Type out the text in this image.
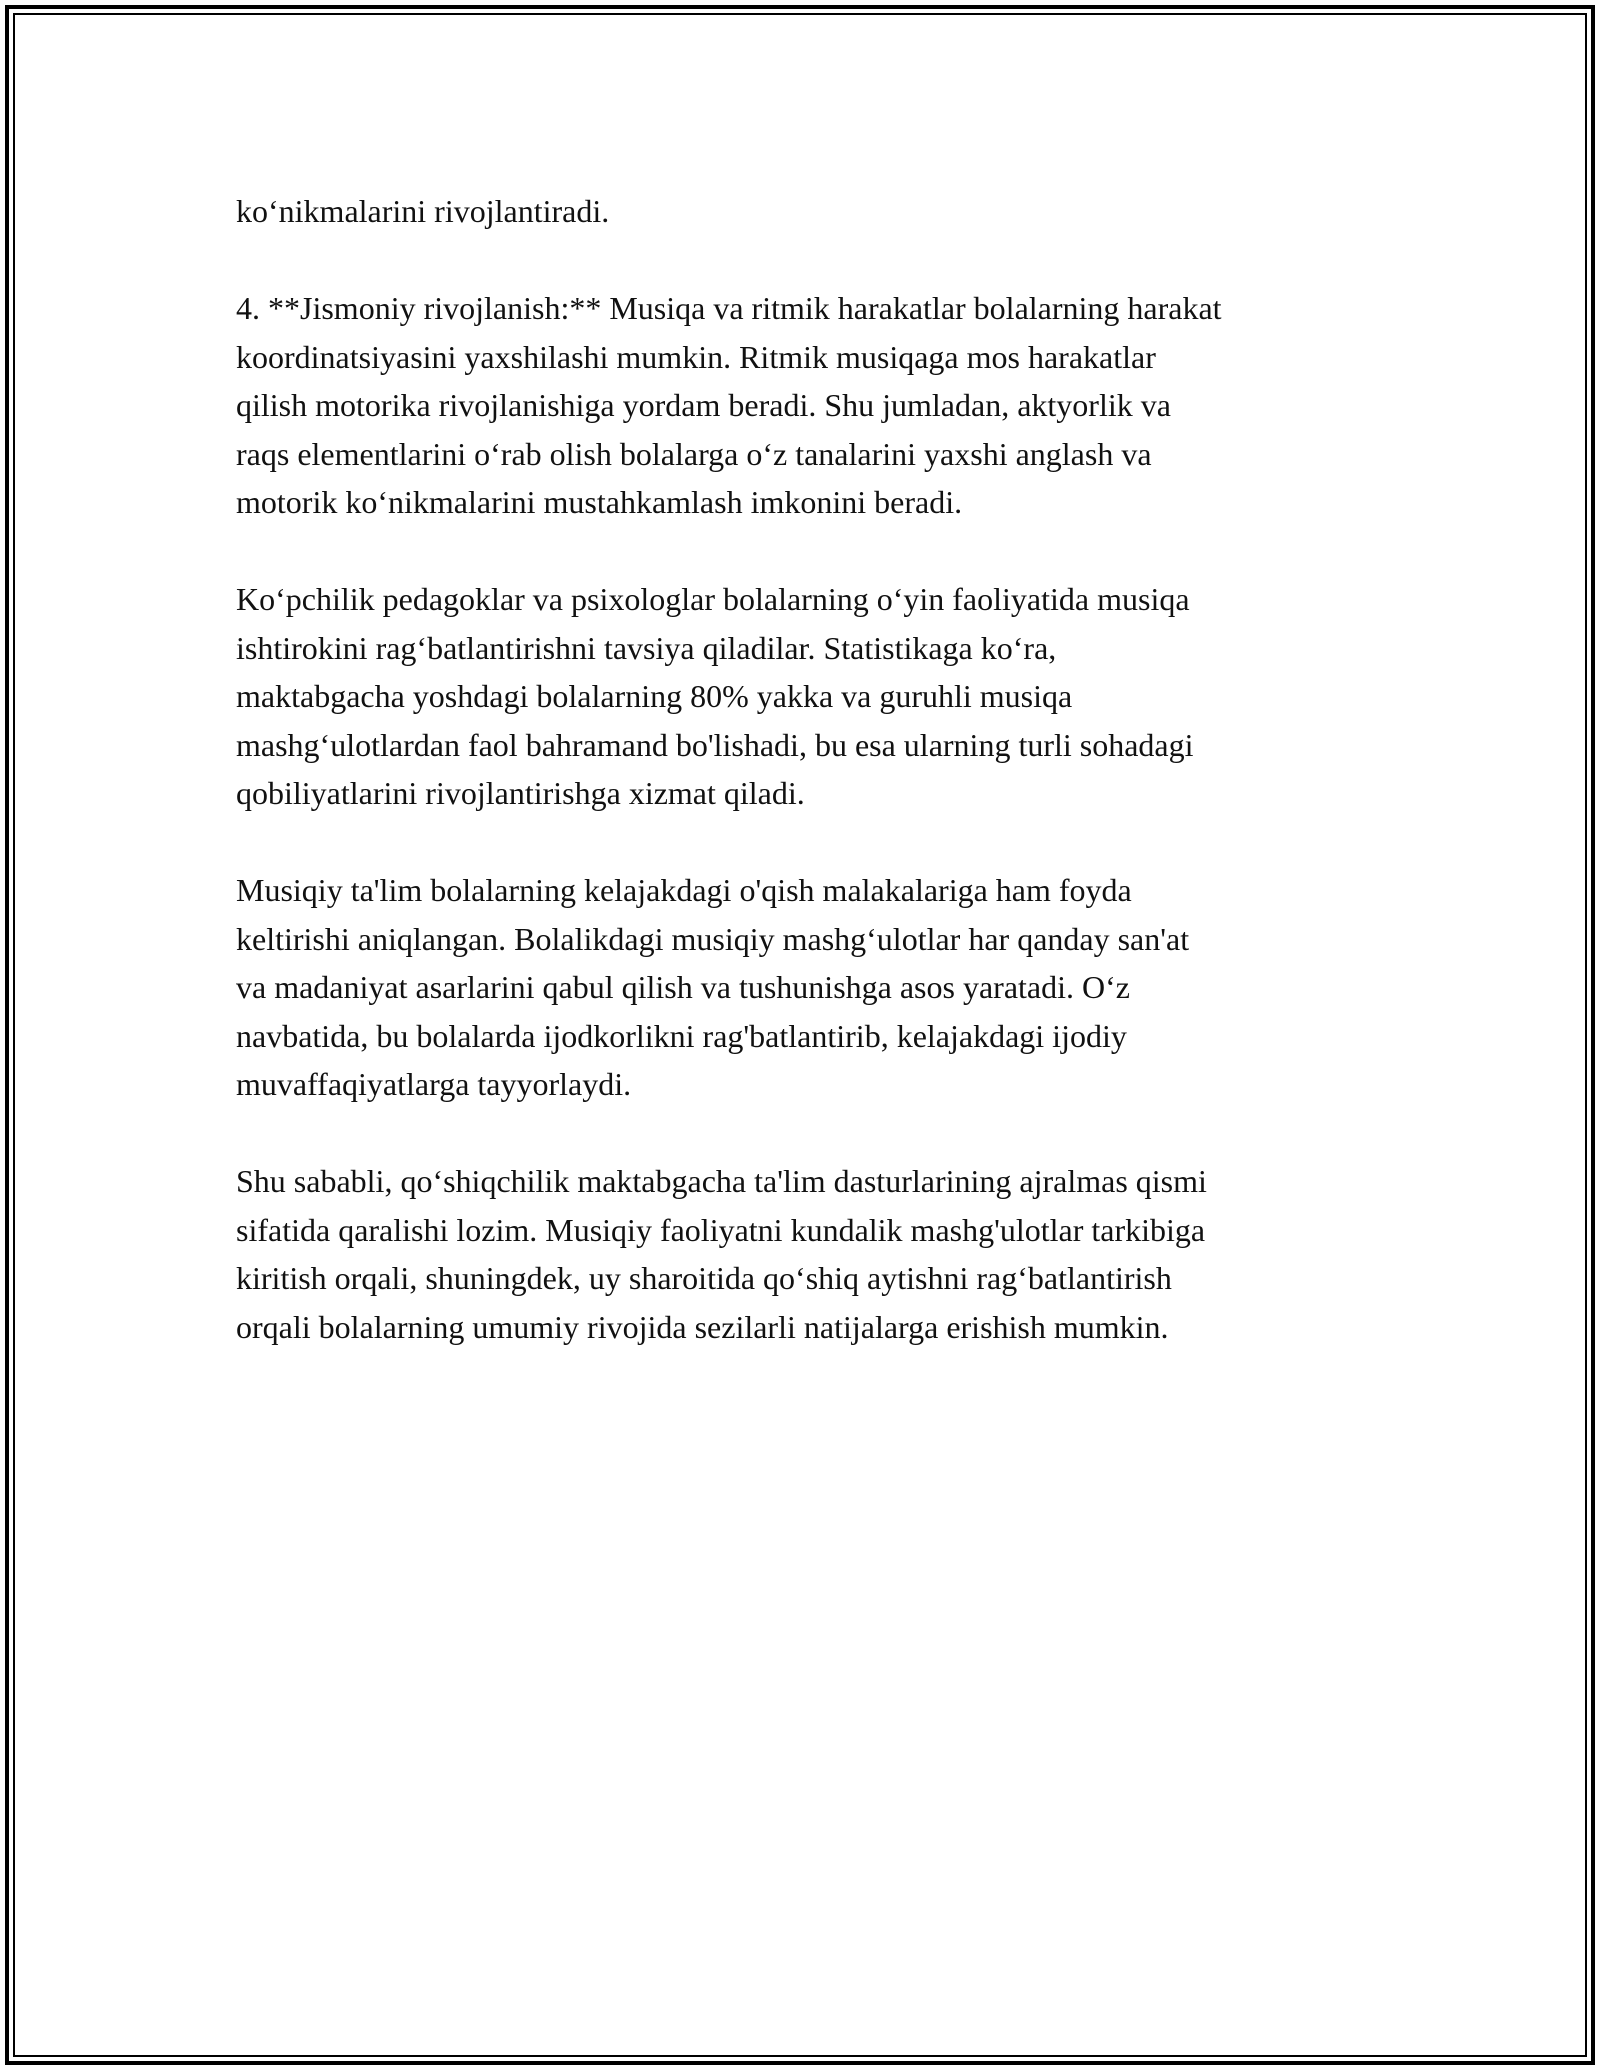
ko‘nikmalarini rivojlantiradi.

4. **Jismoniy rivojlanish:** Musiqa va ritmik harakatlar bolalarning harakat
koordinatsiyasini yaxshilashi mumkin. Ritmik musiqaga mos harakatlar
qilish motorika rivojlanishiga yordam beradi. Shu jumladan, aktyorlik va
raqs elementlarini o‘rab olish bolalarga o‘z tanalarini yaxshi anglash va
motorik ko‘nikmalarini mustahkamlash imkonini beradi.

Ko‘pchilik pedagoklar va psixologlar bolalarning o‘yin faoliyatida musiqa
ishtirokini rag‘batlantirishni tavsiya qiladilar. Statistikaga ko‘ra,
maktabgacha yoshdagi bolalarning 80% yakka va guruhli musiqa
mashg‘ulotlardan faol bahramand bo'lishadi, bu esa ularning turli sohadagi
qobiliyatlarini rivojlantirishga xizmat qiladi.

Musiqiy ta'lim bolalarning kelajakdagi o'qish malakalariga ham foyda
keltirishi aniqlangan. Bolalikdagi musiqiy mashg‘ulotlar har qanday san'at
va madaniyat asarlarini qabul qilish va tushunishga asos yaratadi. O‘z
navbatida, bu bolalarda ijodkorlikni rag'batlantirib, kelajakdagi ijodiy
muvaffaqiyatlarga tayyorlaydi.

Shu sababli, qo‘shiqchilik maktabgacha ta'lim dasturlarining ajralmas qismi
sifatida qaralishi lozim. Musiqiy faoliyatni kundalik mashg'ulotlar tarkibiga
kiritish orqali, shuningdek, uy sharoitida qo‘shiq aytishni rag‘batlantirish
orqali bolalarning umumiy rivojida sezilarli natijalarga erishish mumkin.
